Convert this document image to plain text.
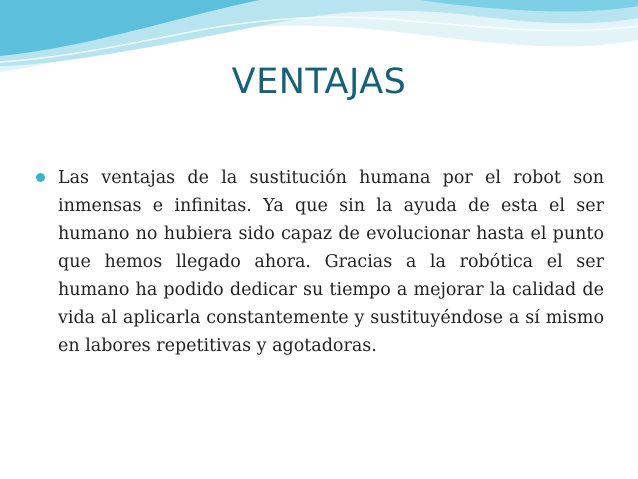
VENTAJAS

Las ventajas de la sustitución humana por el robot son inmensas e infinitas. Ya que sin la ayuda de esta el ser humano no hubiera sido capaz de evolucionar hasta el punto que hemos llegado ahora. Gracias a la robótica el ser humano ha podido dedicar su tiempo a mejorar la calidad de vida al aplicarla constantemente y sustituyéndose a sí mismo en labores repetitivas y agotadoras.
